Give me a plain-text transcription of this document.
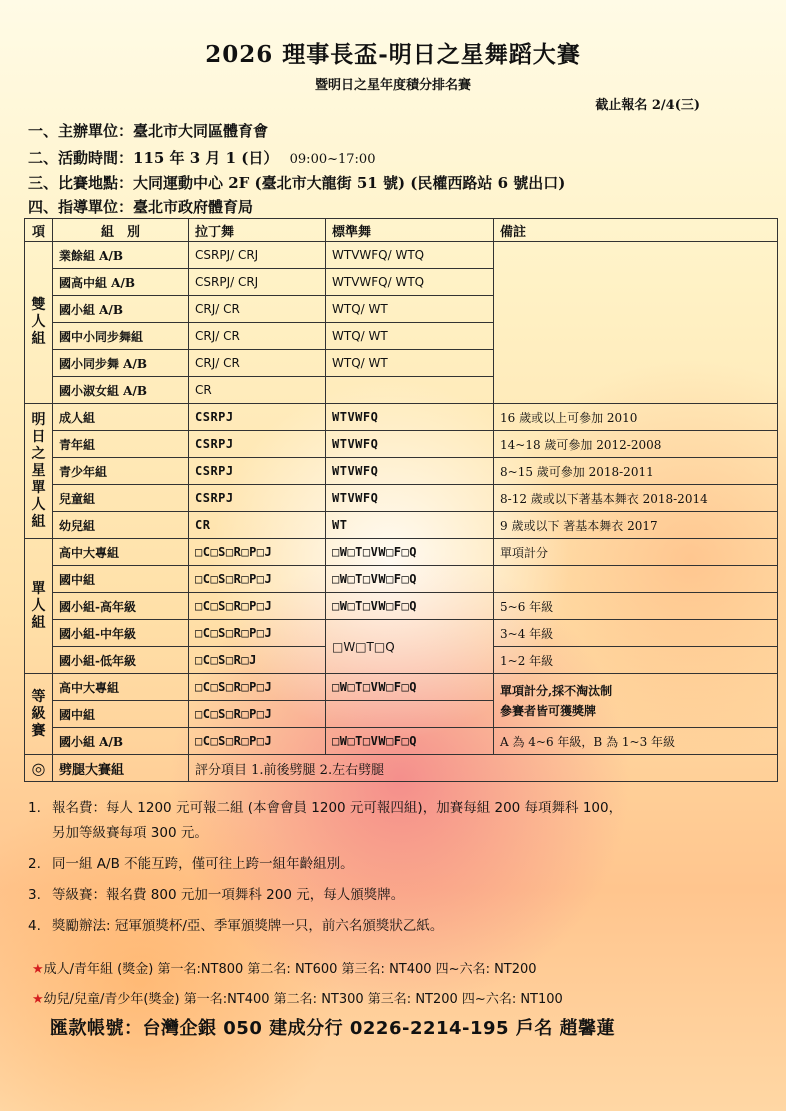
2026 理事長盃-明日之星舞蹈大賽
暨明日之星年度積分排名賽
截止報名 2/4(三)
一、主辦單位：臺北市大同區體育會
二、活動時間：115 年 3 月 1 (日） 09:00~17:00
三、比賽地點：大同運動中心 2F (臺北市大龍街 51 號) (民權西路站 6 號出口)
四、指導單位：臺北市政府體育局
項	組　別	拉丁舞	標準舞	備註
雙人組	業餘組 A/B	CSRPJ/ CRJ	WTVWFQ/ WTQ	
	國高中組 A/B	CSRPJ/ CRJ	WTVWFQ/ WTQ	
	國小組 A/B	CRJ/ CR	WTQ/ WT	
	國中小同步舞組	CRJ/ CR	WTQ/ WT	
	國小同步舞 A/B	CRJ/ CR	WTQ/ WT	
	國小淑女組 A/B	CR		
明日之星 單人組	成人組	CSRPJ	WTVWFQ	16 歲或以上可參加 2010
	青年組	CSRPJ	WTVWFQ	14~18 歲可參加 2012-2008
	青少年組	CSRPJ	WTVWFQ	8~15 歲可參加 2018-2011
	兒童組	CSRPJ	WTVWFQ	8-12 歲或以下著基本舞衣 2018-2014
	幼兒組	CR	WT	9 歲或以下 著基本舞衣 2017
單人組	高中大專組	□C□S□R□P□J	□W□T□VW□F□Q	單項計分
	國中組	□C□S□R□P□J	□W□T□VW□F□Q	
	國小組-高年級	□C□S□R□P□J	□W□T□VW□F□Q	5~6 年級
	國小組-中年級	□C□S□R□P□J	□W□T□Q	3~4 年級
	國小組-低年級	□C□S□R□J		1~2 年級
等級賽	高中大專組	□C□S□R□P□J	□W□T□VW□F□Q	單項計分,採不淘汰制
參賽者皆可獲獎牌

	國中組	□C□S□R□P□J		
	國小組 A/B	□C□S□R□P□J	□W□T□VW□F□Q	A 為 4~6 年級，B 為 1~3 年級
◎	劈腿大賽組	評分項目 1.前後劈腿 2.左右劈腿		
1. 報名費：每人 1200 元可報二組 (本會會員 1200 元可報四組)，加賽每組 200 每項舞科 100，
另加等級賽每項 300 元。
2. 同一組 A/B 不能互跨，僅可往上跨一組年齡組別。
3. 等級賽：報名費 800 元加一項舞科 200 元，每人頒獎牌。
4. 獎勵辦法: 冠軍頒獎杯/亞、季軍頒獎牌一只，前六名頒獎狀乙紙。
★成人/青年組 (獎金) 第一名:NT800 第二名: NT600 第三名: NT400 四~六名: NT200
★幼兒/兒童/青少年(獎金) 第一名:NT400 第二名: NT300 第三名: NT200 四~六名: NT100
匯款帳號：台灣企銀 050 建成分行 0226-2214-195 戶名 趙馨蓮
